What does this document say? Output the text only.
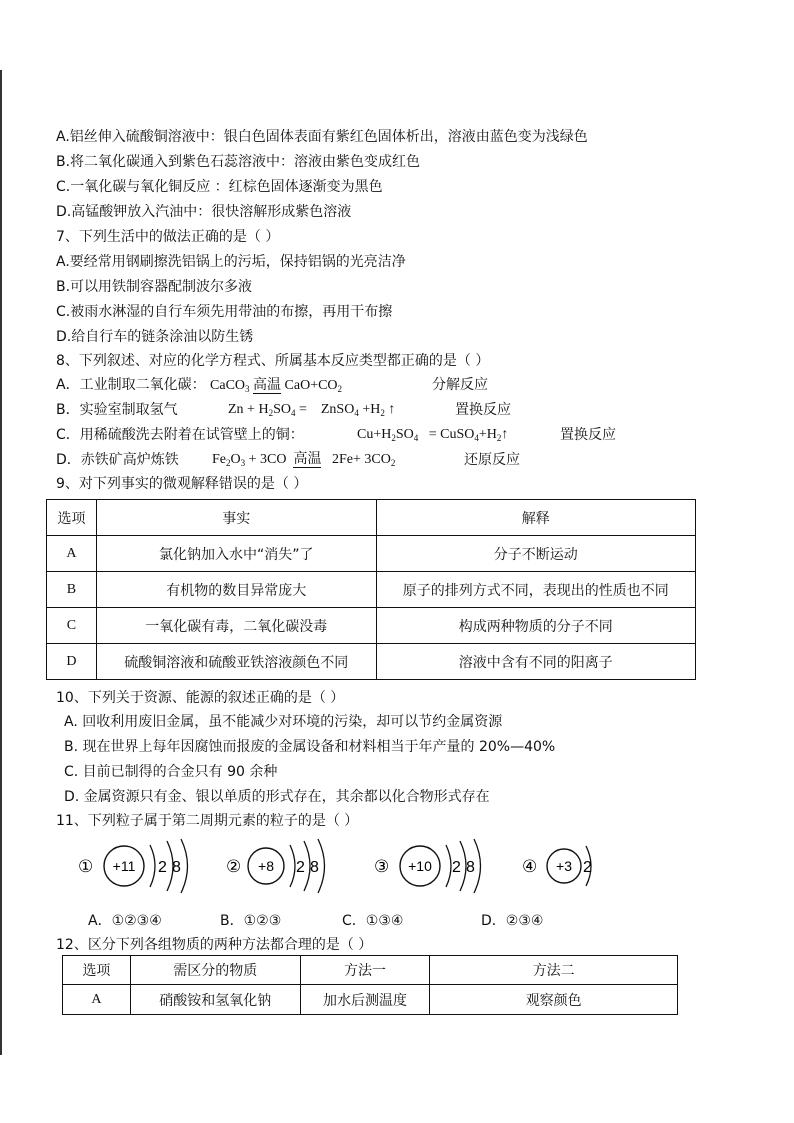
A.铝丝伸入硫酸铜溶液中：银白色固体表面有紫红色固体析出，溶液由蓝色变为浅绿色
B.将二氧化碳通入到紫色石蕊溶液中：溶液由紫色变成红色
C.一氧化碳与氧化铜反应 ：红棕色固体逐渐变为黑色
D.高锰酸钾放入汽油中：很快溶解形成紫色溶液
7、下列生活中的做法正确的是（ ）
A.要经常用钢刷擦洗铝锅上的污垢，保持铝锅的光亮洁净
B.可以用铁制容器配制波尔多液
C.被雨水淋湿的自行车须先用带油的布擦，再用干布擦
D.给自行车的链条涂油以防生锈
8、下列叙述、对应的化学方程式、所属基本反应类型都正确的是（ ）
A．工业制取二氧化碳： CaCO$_3$ 高温 $CaO+CO_2$	分解反应
B．实验室制取氢气	$Zn + H_2SO_4$ =    ZnSO$_4$ $+H_2$ ↑	置换反应
C．用稀硫酸洗去附着在试管壁上的铜：	$Cu+H_2SO_4$   = $CuSO_4+H_2↑$	置换反应
D．赤铁矿高炉炼铁 $Fe_2O_3 + 3CO$  高温   $2Fe+ 3CO_2$	还原反应
9、对下列事实的微观解释错误的是（ ）
选项	事实	解释
A	氯化钠加入水中“消失”了	分子不断运动
B	有机物的数目异常庞大	原子的排列方式不同，表现出的性质也不同
C	一氧化碳有毒，二氧化碳没毒	构成两种物质的分子不同
D	硫酸铜溶液和硫酸亚铁溶液颜色不同	溶液中含有不同的阳离子
10、下列关于资源、能源的叙述正确的是（ ）
A. 回收利用废旧金属，虽不能减少对环境的污染，却可以节约金属资源
B. 现在世界上每年因腐蚀而报废的金属设备和材料相当于年产量的 20%—40%
C. 目前已制得的合金只有 90 余种
D. 金属资源只有金、银以单质的形式存在，其余都以化合物形式存在
11、下列粒子属于第二周期元素的粒子的是（ ）
① +11 2 8	② +8 2 8	③ +10 2 8	④ +3 2
A．①②③④	B．①②③	C．①③④	D．②③④
12、区分下列各组物质的两种方法都合理的是（ ）
选项	需区分的物质	方法一	方法二
A	硝酸铵和氢氧化钠	加水后测温度	观察颜色
